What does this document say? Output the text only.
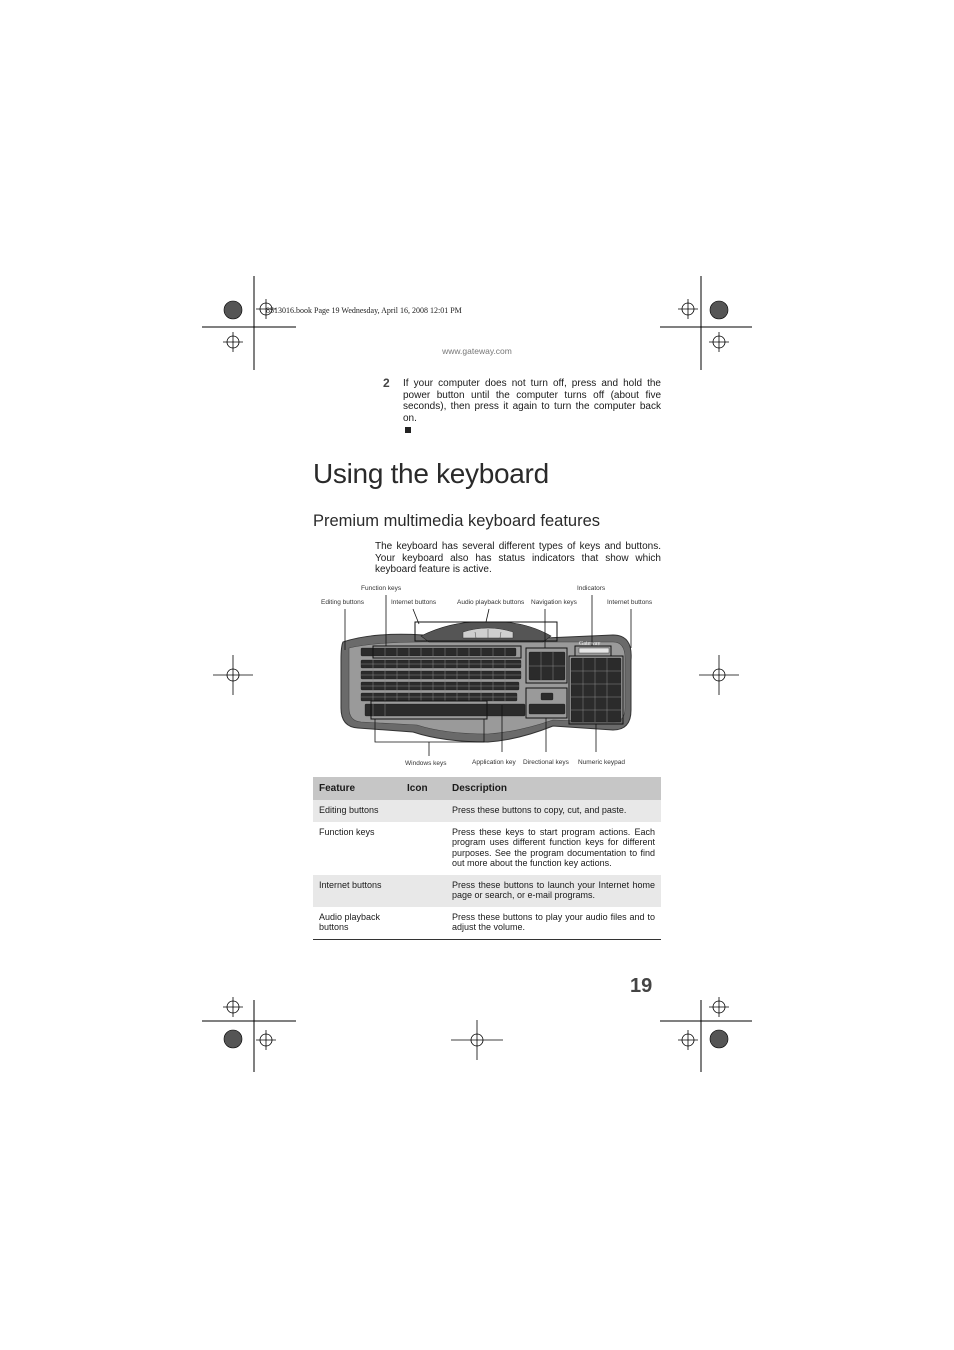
8513016.book Page 19 Wednesday, April 16, 2008 12:01 PM
www.gateway.com
2 If your computer does not turn off, press and hold the power button until the computer turns off (about five seconds), then press it again to turn the computer back on.
Using the keyboard
Premium multimedia keyboard features
The keyboard has several different types of keys and buttons. Your keyboard also has status indicators that show which keyboard feature is active.
Gateway
Function keys	Indicators
Editing buttons	Internet buttons	Audio playback buttons Navigation keys	Internet buttons
Windows keys	Application key Directional keys Numeric keypad
Feature	Icon	Description
Editing buttons		Press these buttons to copy, cut, and paste.
Function keys		Press these keys to start program actions. Each program uses different function keys for different purposes. See the program documentation to find out more about the function key actions.
Internet buttons		Press these buttons to launch your Internet home page or search, or e-mail programs.
Audio playback buttons		Press these buttons to play your audio files and to adjust the volume.
19
